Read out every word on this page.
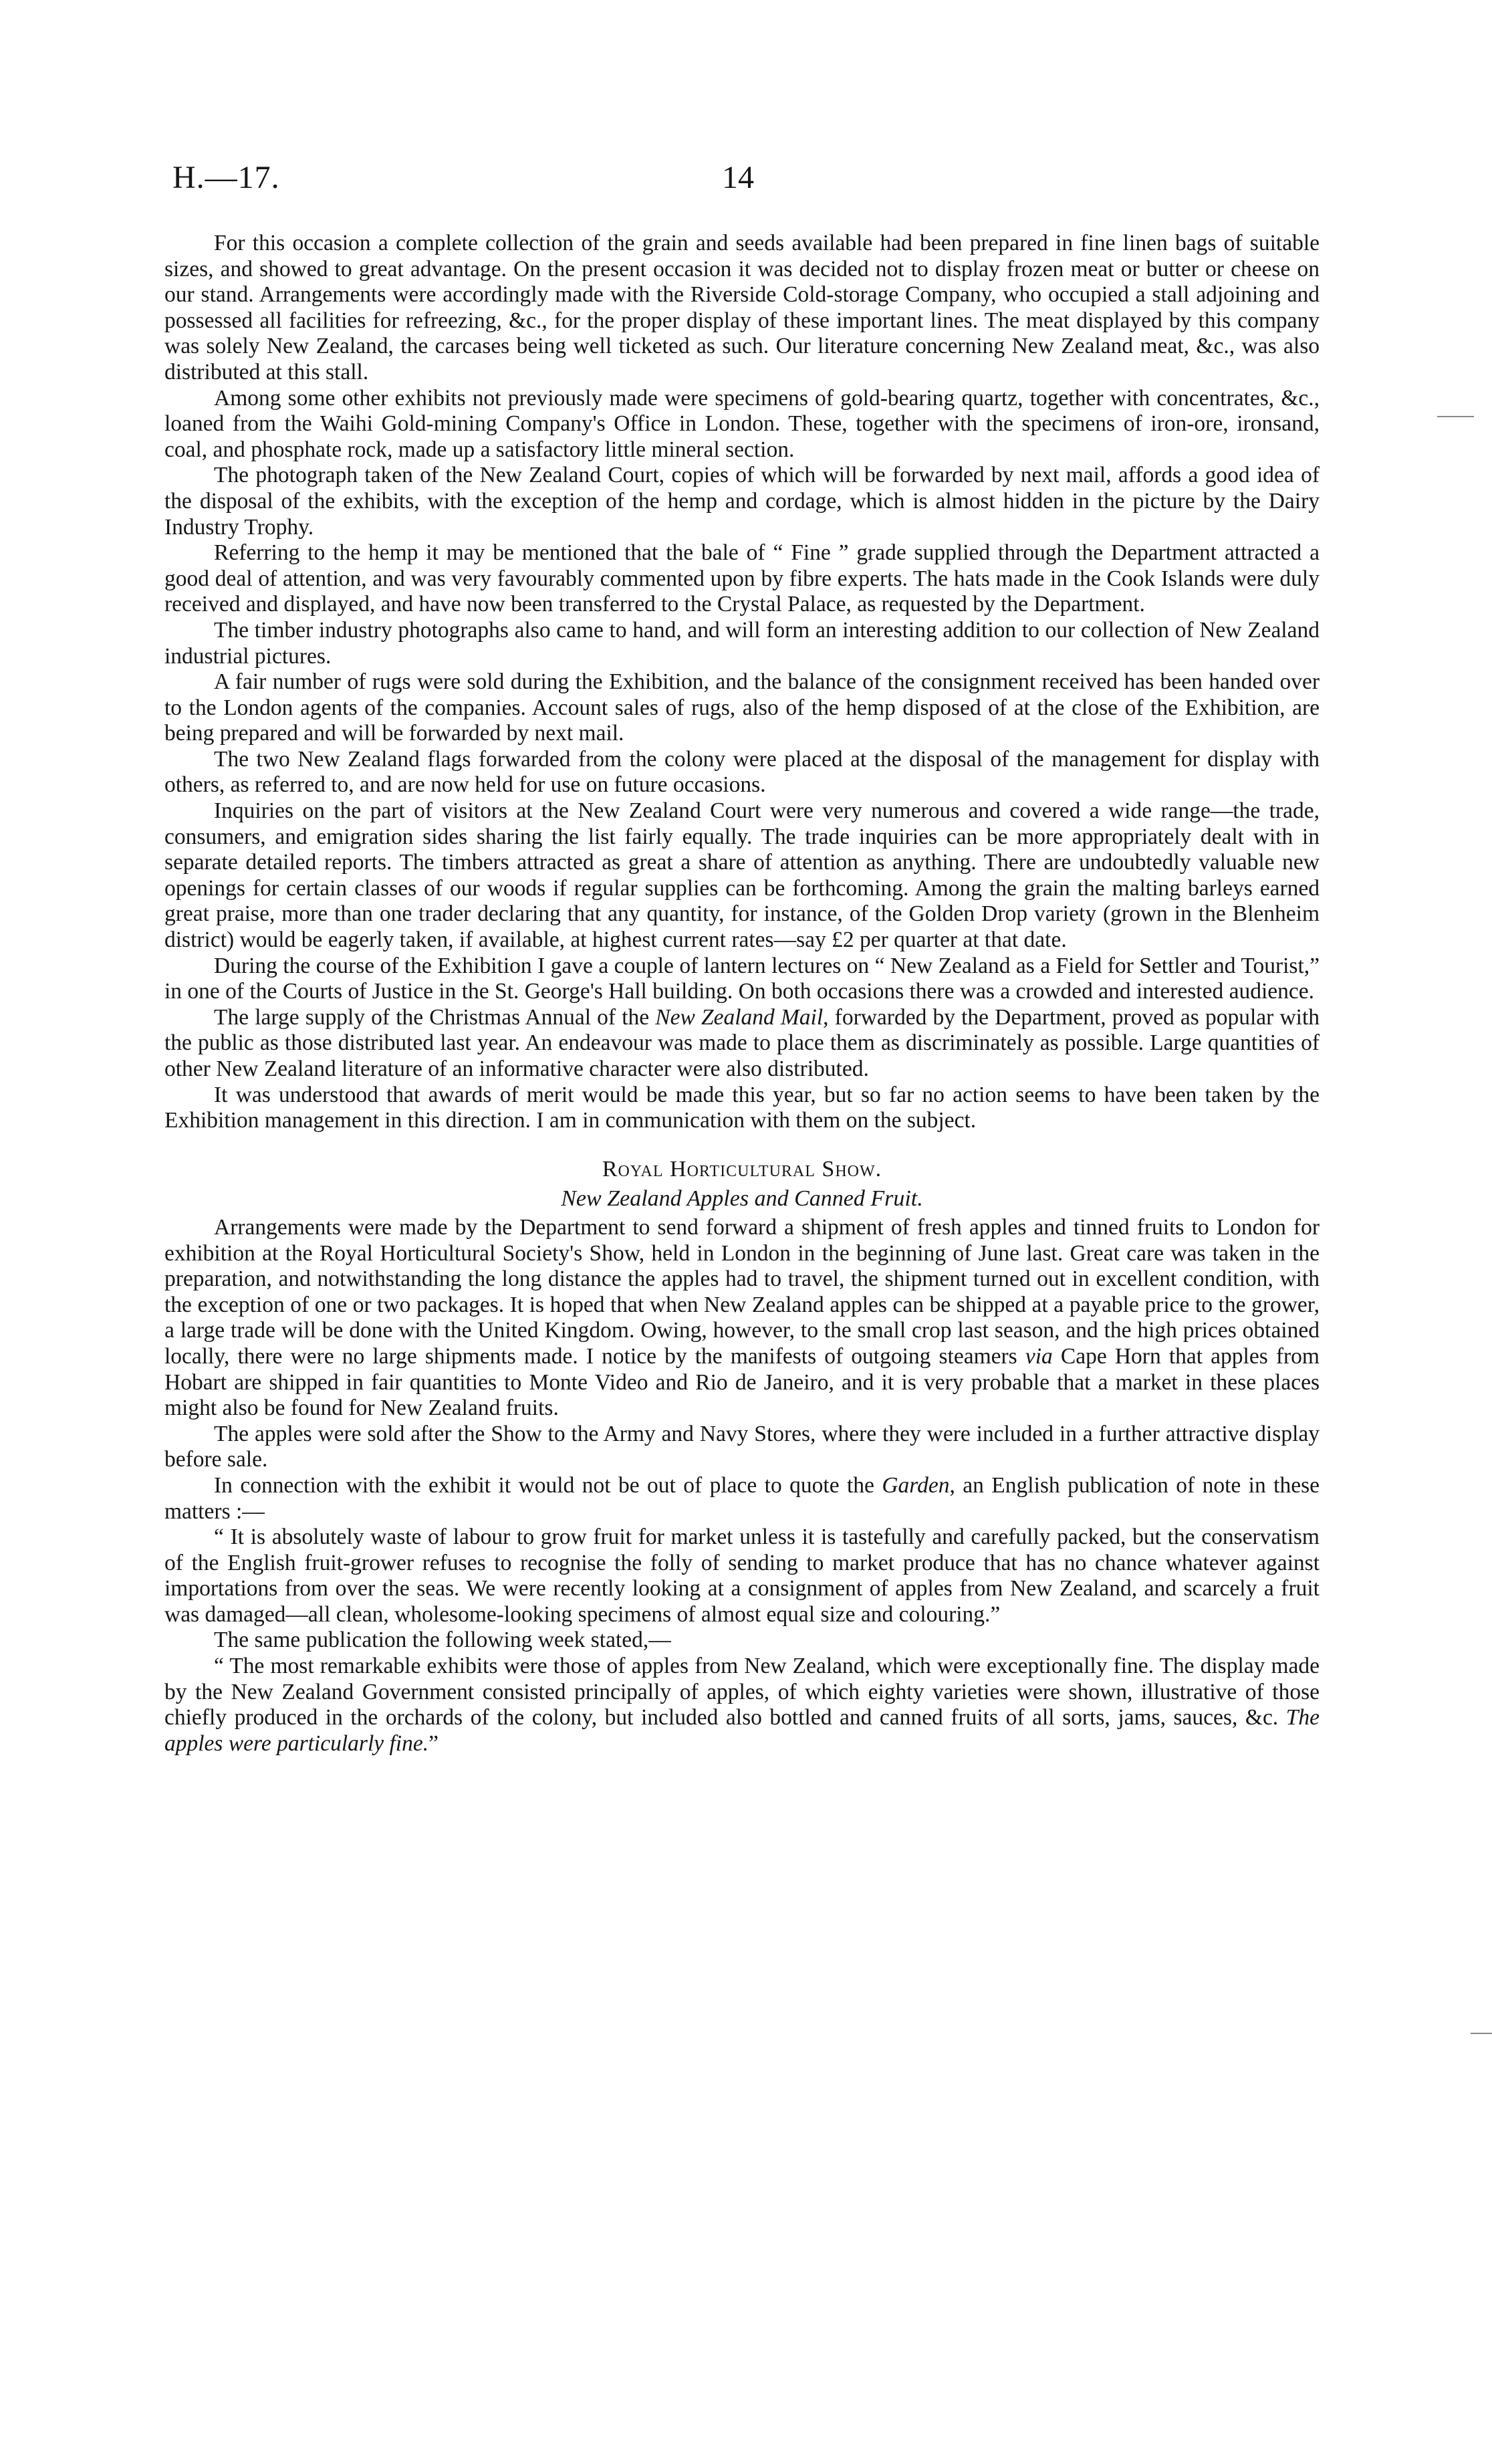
H.—17.	14

For this occasion a complete collection of the grain and seeds available had been prepared in fine linen bags of suitable sizes, and showed to great advantage. On the present occasion it was decided not to display frozen meat or butter or cheese on our stand. Arrangements were accordingly made with the Riverside Cold-storage Company, who occupied a stall adjoining and possessed all facilities for refreezing, &c., for the proper display of these important lines. The meat displayed by this company was solely New Zealand, the carcases being well ticketed as such. Our literature concerning New Zealand meat, &c., was also distributed at this stall.

Among some other exhibits not previously made were specimens of gold-bearing quartz, together with concentrates, &c., loaned from the Waihi Gold-mining Company's Office in London. These, together with the specimens of iron-ore, ironsand, coal, and phosphate rock, made up a satisfactory little mineral section.

The photograph taken of the New Zealand Court, copies of which will be forwarded by next mail, affords a good idea of the disposal of the exhibits, with the exception of the hemp and cordage, which is almost hidden in the picture by the Dairy Industry Trophy.

Referring to the hemp it may be mentioned that the bale of “ Fine ” grade supplied through the Department attracted a good deal of attention, and was very favourably commented upon by fibre experts. The hats made in the Cook Islands were duly received and displayed, and have now been transferred to the Crystal Palace, as requested by the Department.

The timber industry photographs also came to hand, and will form an interesting addition to our collection of New Zealand industrial pictures.

A fair number of rugs were sold during the Exhibition, and the balance of the consignment received has been handed over to the London agents of the companies. Account sales of rugs, also of the hemp disposed of at the close of the Exhibition, are being prepared and will be forwarded by next mail.

The two New Zealand flags forwarded from the colony were placed at the disposal of the management for display with others, as referred to, and are now held for use on future occasions.

Inquiries on the part of visitors at the New Zealand Court were very numerous and covered a wide range—the trade, consumers, and emigration sides sharing the list fairly equally. The trade inquiries can be more appropriately dealt with in separate detailed reports. The timbers attracted as great a share of attention as anything. There are undoubtedly valuable new openings for certain classes of our woods if regular supplies can be forthcoming. Among the grain the malting barleys earned great praise, more than one trader declaring that any quantity, for instance, of the Golden Drop variety (grown in the Blenheim district) would be eagerly taken, if available, at highest current rates—say £2 per quarter at that date.

During the course of the Exhibition I gave a couple of lantern lectures on “ New Zealand as a Field for Settler and Tourist,” in one of the Courts of Justice in the St. George's Hall building. On both occasions there was a crowded and interested audience.

The large supply of the Christmas Annual of the New Zealand Mail, forwarded by the Department, proved as popular with the public as those distributed last year. An endeavour was made to place them as discriminately as possible. Large quantities of other New Zealand literature of an informative character were also distributed.

It was understood that awards of merit would be made this year, but so far no action seems to have been taken by the Exhibition management in this direction. I am in communication with them on the subject.

Royal Horticultural Show.

New Zealand Apples and Canned Fruit.

Arrangements were made by the Department to send forward a shipment of fresh apples and tinned fruits to London for exhibition at the Royal Horticultural Society's Show, held in London in the beginning of June last. Great care was taken in the preparation, and notwithstanding the long distance the apples had to travel, the shipment turned out in excellent condition, with the exception of one or two packages. It is hoped that when New Zealand apples can be shipped at a payable price to the grower, a large trade will be done with the United Kingdom. Owing, however, to the small crop last season, and the high prices obtained locally, there were no large shipments made. I notice by the manifests of outgoing steamers via Cape Horn that apples from Hobart are shipped in fair quantities to Monte Video and Rio de Janeiro, and it is very probable that a market in these places might also be found for New Zealand fruits.

The apples were sold after the Show to the Army and Navy Stores, where they were included in a further attractive display before sale.

In connection with the exhibit it would not be out of place to quote the Garden, an English publication of note in these matters :—

“ It is absolutely waste of labour to grow fruit for market unless it is tastefully and carefully packed, but the conservatism of the English fruit-grower refuses to recognise the folly of sending to market produce that has no chance whatever against importations from over the seas. We were recently looking at a consignment of apples from New Zealand, and scarcely a fruit was damaged—all clean, wholesome-looking specimens of almost equal size and colouring.”

The same publication the following week stated,—

“ The most remarkable exhibits were those of apples from New Zealand, which were exceptionally fine. The display made by the New Zealand Government consisted principally of apples, of which eighty varieties were shown, illustrative of those chiefly produced in the orchards of the colony, but included also bottled and canned fruits of all sorts, jams, sauces, &c. The apples were particularly fine.”
